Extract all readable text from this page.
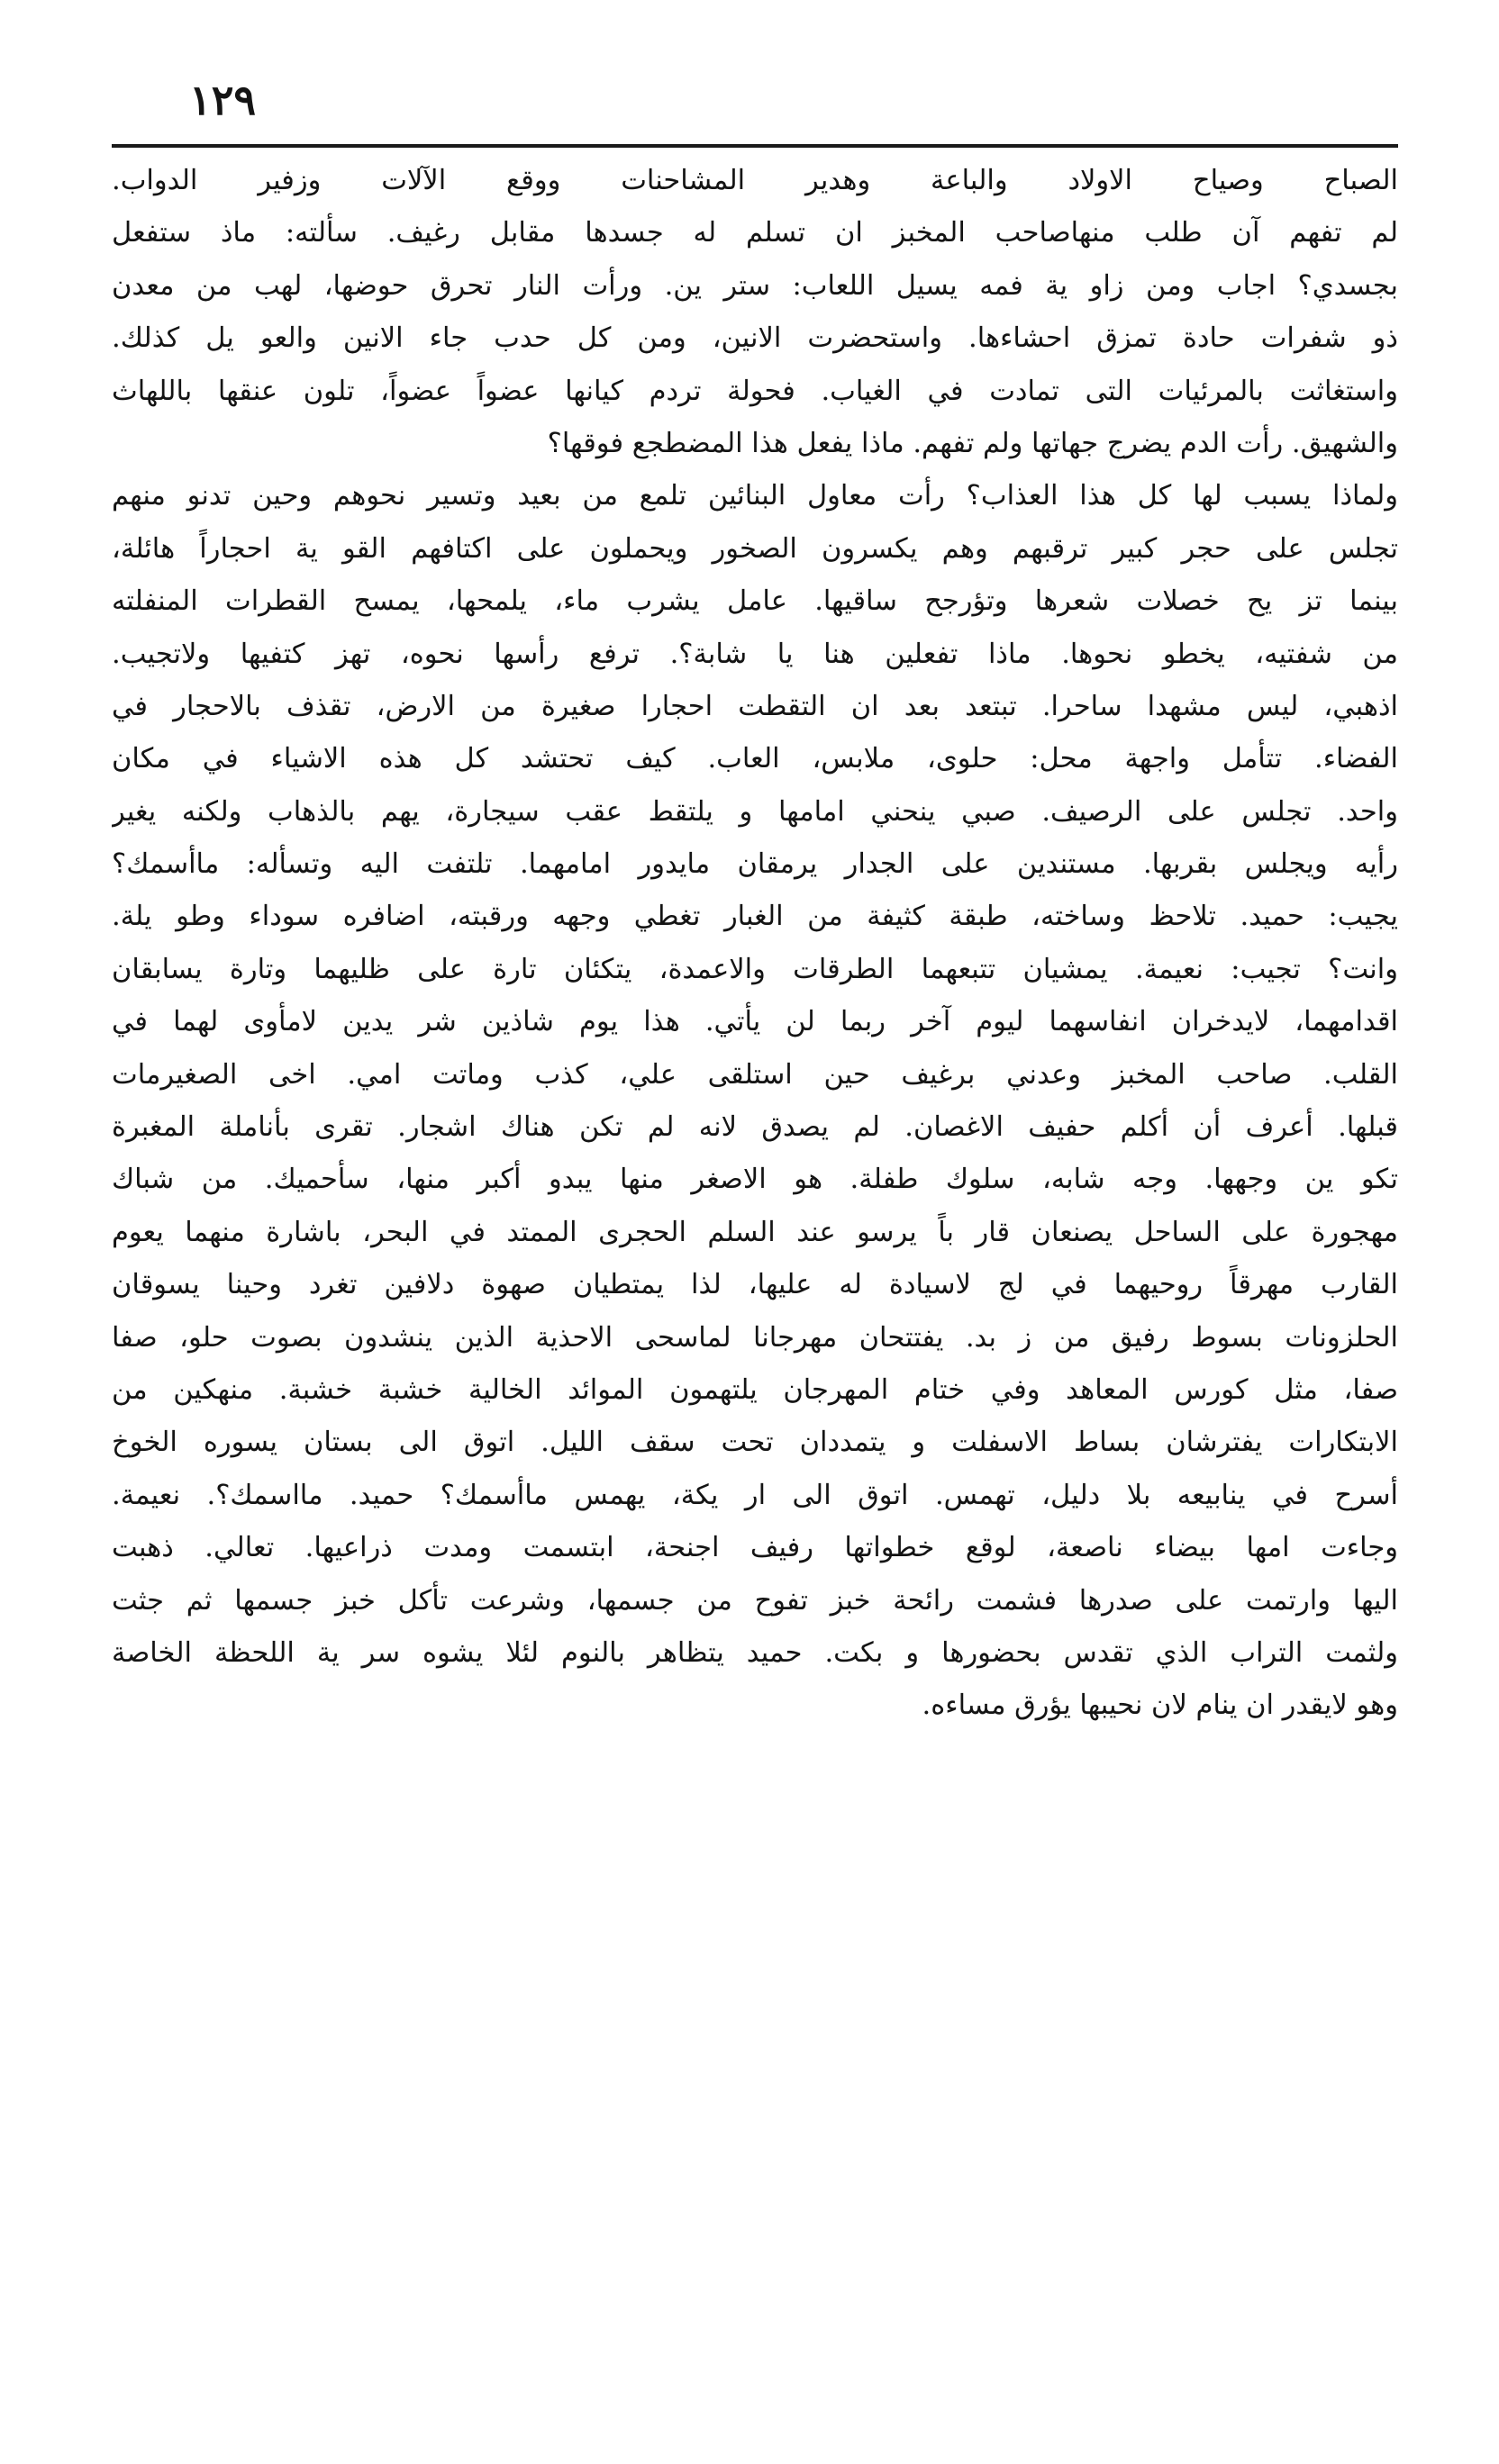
١٢٩
الصباح وصياح الاولاد والباعة وهدير المشاحنات ووقع الآلات وزفير الدواب.
لم تفهم آن طلب منهاصاحب المخبز ان تسلم له جسدها مقابل رغيف. سألته: ماذ ستفعل
بجسدي؟ اجاب ومن زاو ية فمه يسيل اللعاب: ستر ين. ورأت النار تحرق حوضها، لهب من معدن
ذو شفرات حادة تمزق احشاءها. واستحضرت الانين، ومن كل حدب جاء الانين والعو يل كذلك.
واستغاثت بالمرئيات التى تمادت في الغياب. فحولة تردم كيانها عضواً عضواً، تلون عنقها باللهاث
والشهيق. رأت الدم يضرج جهاتها ولم تفهم. ماذا يفعل هذا المضطجع فوقها؟
ولماذا يسبب لها كل هذا العذاب؟ رأت معاول البنائين تلمع من بعيد وتسير نحوهم وحين تدنو منهم
تجلس على حجر كبير ترقبهم وهم يكسرون الصخور ويحملون على اكتافهم القو ية احجاراً هائلة،
بينما تز يح خصلات شعرها وتؤرجح ساقيها. عامل يشرب ماء، يلمحها، يمسح القطرات المنفلته
من شفتيه، يخطو نحوها. ماذا تفعلين هنا يا شابة؟. ترفع رأسها نحوه، تهز كتفيها ولاتجيب.
اذهبي، ليس مشهدا ساحرا. تبتعد بعد ان التقطت احجارا صغيرة من الارض، تقذف بالاحجار في
الفضاء. تتأمل واجهة محل: حلوى، ملابس، العاب. كيف تحتشد كل هذه الاشياء في مكان
واحد. تجلس على الرصيف. صبي ينحني امامها و يلتقط عقب سيجارة، يهم بالذهاب ولكنه يغير
رأيه ويجلس بقربها. مستندين على الجدار يرمقان مايدور امامهما. تلتفت اليه وتسأله: ماأسمك؟
يجيب: حميد. تلاحظ وساخته، طبقة كثيفة من الغبار تغطي وجهه ورقبته، اضافره سوداء وطو يلة.
وانت؟ تجيب: نعيمة. يمشيان تتبعهما الطرقات والاعمدة، يتكئان تارة على ظليهما وتارة يسابقان
اقدامهما، لايدخران انفاسهما ليوم آخر ربما لن يأتي. هذا يوم شاذين شر يدين لامأوى لهما في
القلب. صاحب المخبز وعدني برغيف حين استلقى علي، كذب وماتت امي. اخى الصغيرمات
قبلها. أعرف أن أكلم حفيف الاغصان. لم يصدق لانه لم تكن هناك اشجار. تقرى بأناملة المغبرة
تكو ين وجهها. وجه شابه، سلوك طفلة. هو الاصغر منها يبدو أكبر منها، سأحميك. من شباك
مهجورة على الساحل يصنعان قار باً يرسو عند السلم الحجرى الممتد في البحر، باشارة منهما يعوم
القارب مهرقاً روحيهما في لج لاسيادة له عليها، لذا يمتطيان صهوة دلافين تغرد وحينا يسوقان
الحلزونات بسوط رفيق من ز بد. يفتتحان مهرجانا لماسحى الاحذية الذين ينشدون بصوت حلو، صفا
صفا، مثل كورس المعاهد وفي ختام المهرجان يلتهمون الموائد الخالية خشبة خشبة. منهكين من
الابتكارات يفترشان بساط الاسفلت و يتمددان تحت سقف الليل. اتوق الى بستان يسوره الخوخ
أسرح في ينابيعه بلا دليل، تهمس. اتوق الى ار يكة، يهمس ماأسمك؟ حميد. مااسمك؟. نعيمة.
وجاءت امها بيضاء ناصعة، لوقع خطواتها رفيف اجنحة، ابتسمت ومدت ذراعيها. تعالي. ذهبت
اليها وارتمت على صدرها فشمت رائحة خبز تفوح من جسمها، وشرعت تأكل خبز جسمها ثم جثت
ولثمت التراب الذي تقدس بحضورها و بكت. حميد يتظاهر بالنوم لئلا يشوه سر ية اللحظة الخاصة
وهو لايقدر ان ينام لان نحيبها يؤرق مساءه.
